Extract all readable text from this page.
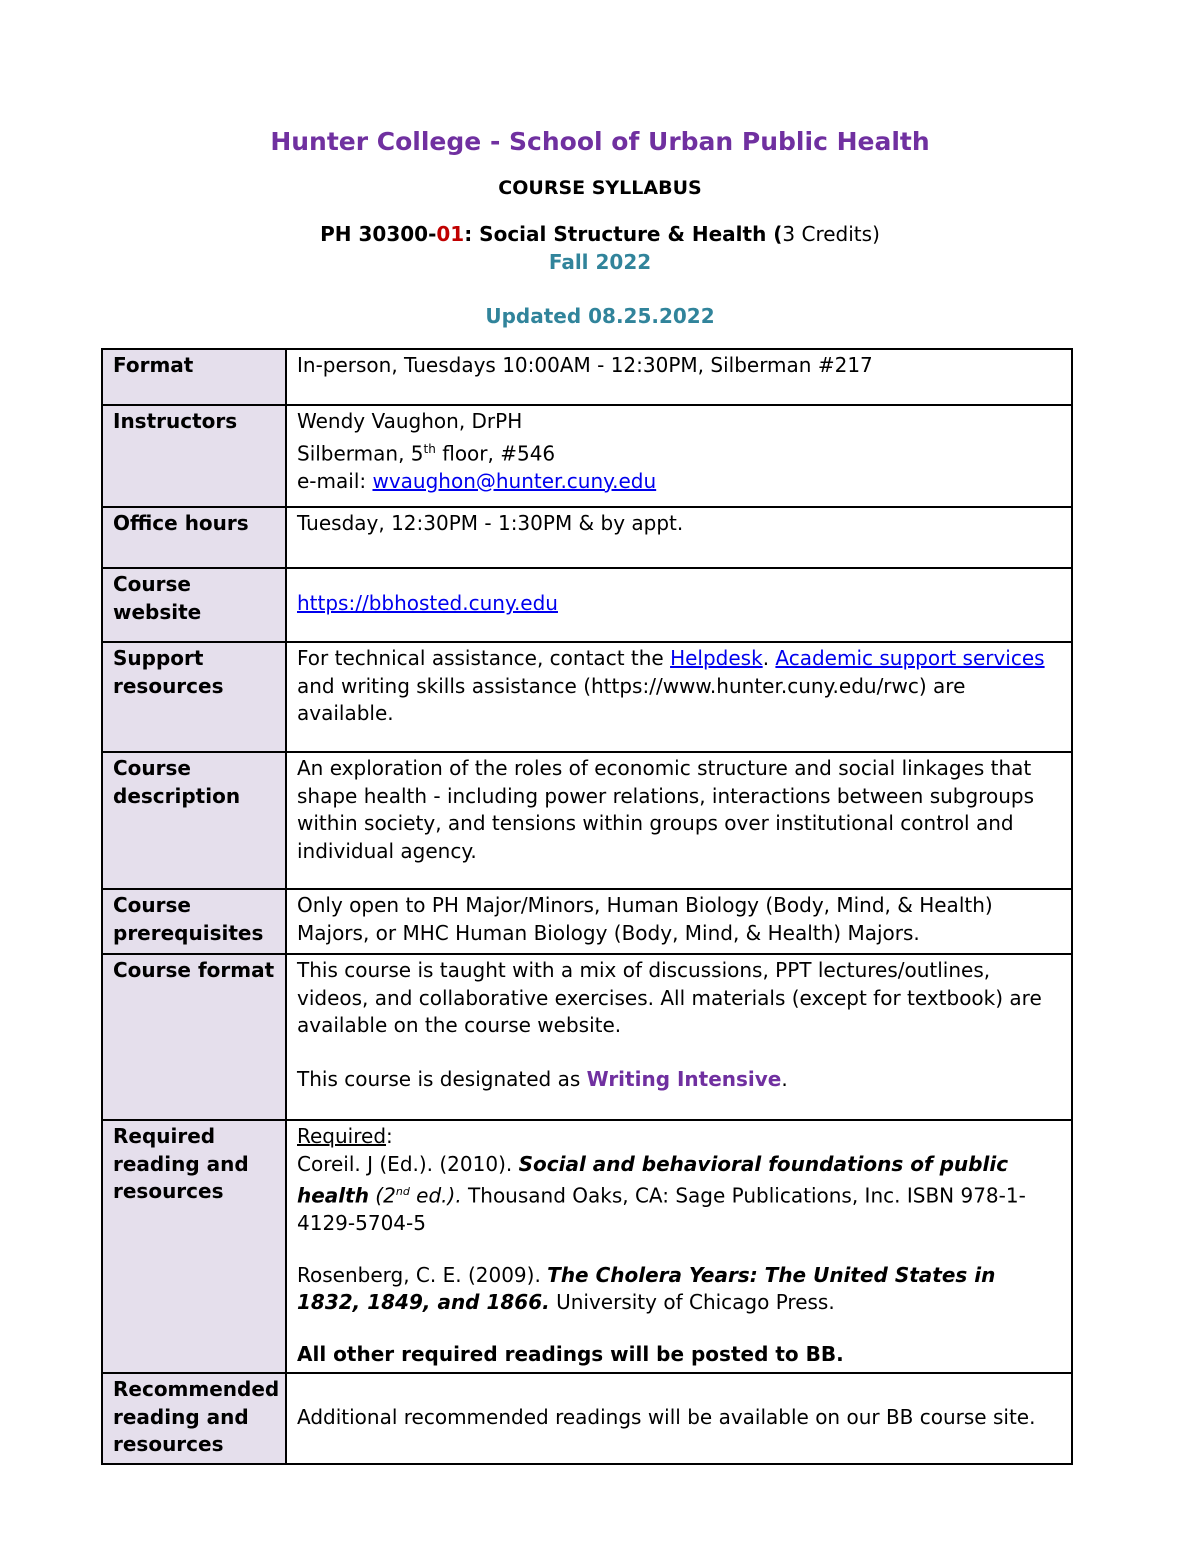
Hunter College - School of Urban Public Health
COURSE SYLLABUS
PH 30300-01: Social Structure & Health (3 Credits)
Fall 2022
Updated 08.25.2022
Format	In-person, Tuesdays 10:00AM - 12:30PM, Silberman #217
Instructors	Wendy Vaughon, DrPH
Silberman, 5th floor, #546
e-mail: wvaughon@hunter.cuny.edu

Office hours	Tuesday, 12:30PM - 1:30PM & by appt.
Course website	https://bbhosted.cuny.edu
Support resources	For technical assistance, contact the Helpdesk. Academic support services and writing skills assistance (https://www.hunter.cuny.edu/rwc) are available.
Course description	An exploration of the roles of economic structure and social linkages that shape health - including power relations, interactions between subgroups within society, and tensions within groups over institutional control and individual agency.
Course prerequisites	Only open to PH Major/Minors, Human Biology (Body, Mind, & Health) Majors, or MHC Human Biology (Body, Mind, & Health) Majors.
Course format	This course is taught with a mix of discussions, PPT lectures/outlines, videos, and collaborative exercises. All materials (except for textbook) are available on the course website.
This course is designated as Writing Intensive.

Required reading and resources	Required:
Coreil. J (Ed.). (2010). Social and behavioral foundations of public health (2nd ed.). Thousand Oaks, CA: Sage Publications, Inc. ISBN 978-1-4129-5704-5
Rosenberg, C. E. (2009). The Cholera Years: The United States in 1832, 1849, and 1866. University of Chicago Press.
All other required readings will be posted to BB.

Recommended reading and resources	Additional recommended readings will be available on our BB course site.
